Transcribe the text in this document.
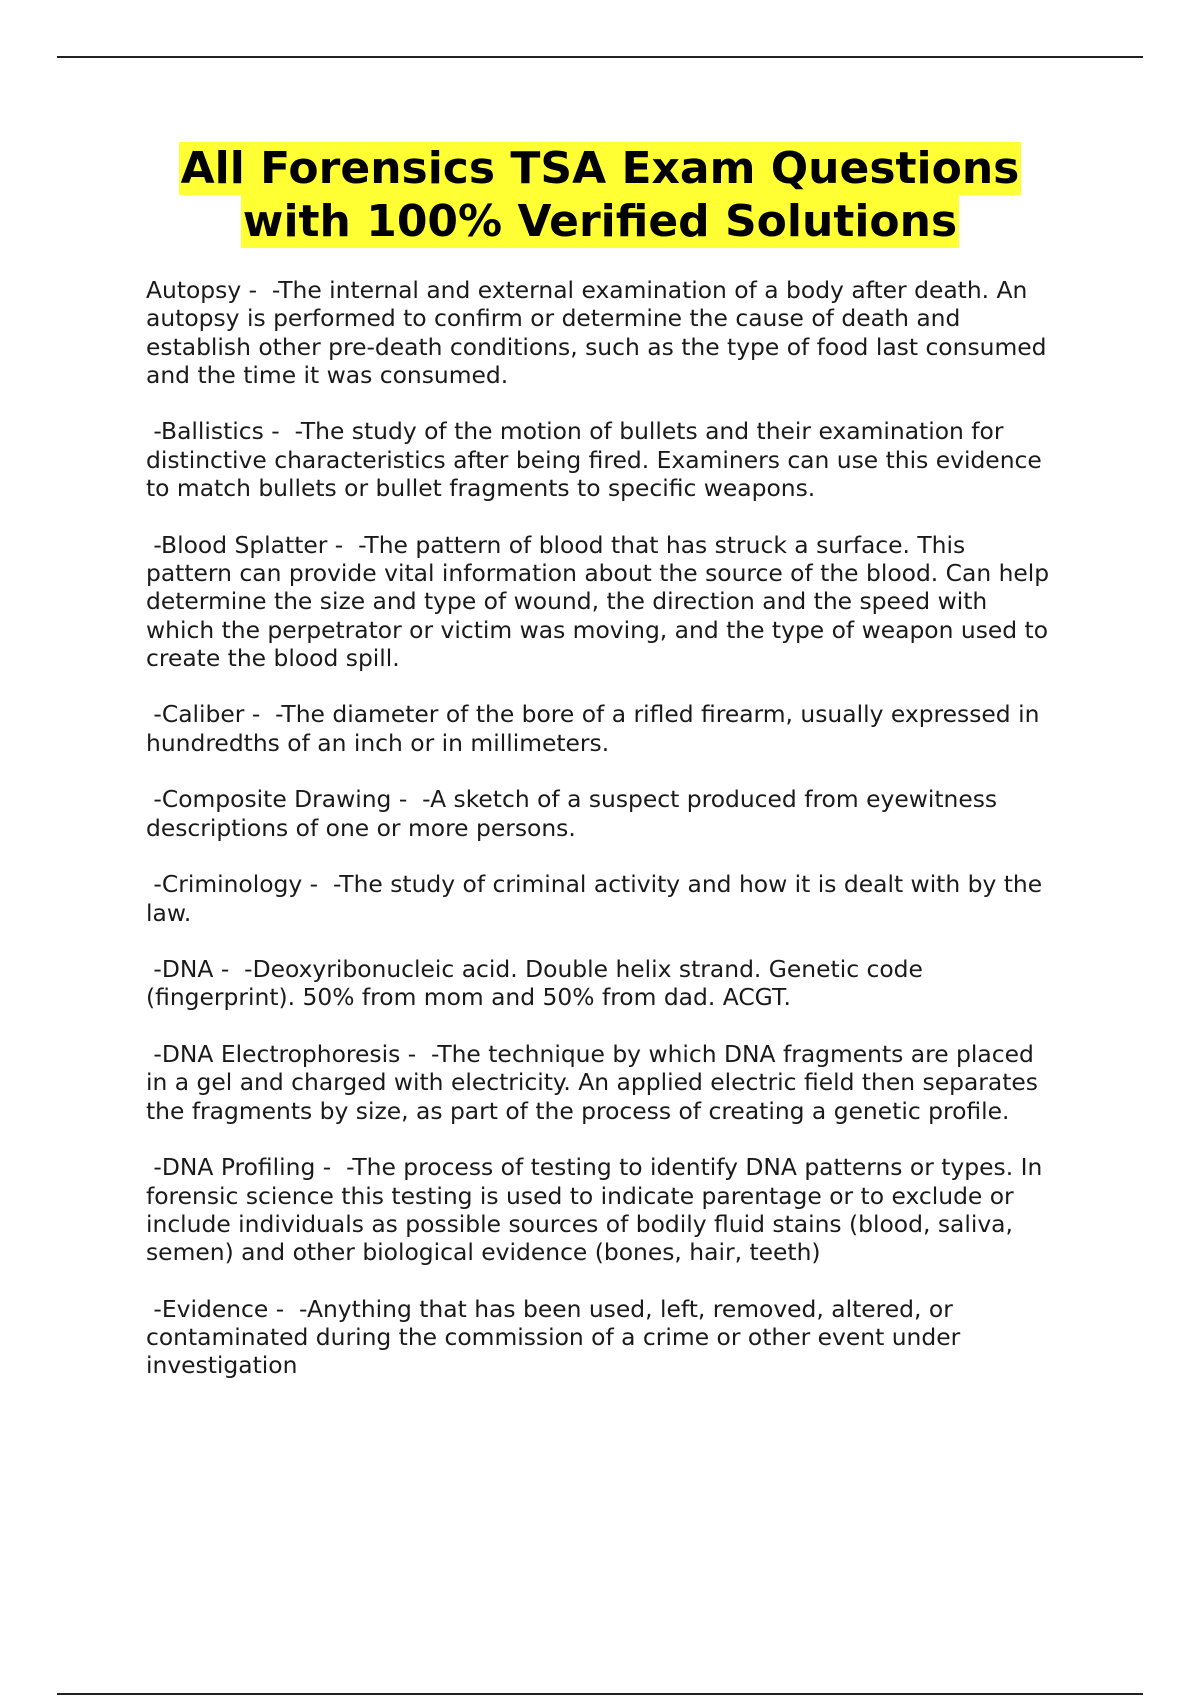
All Forensics TSA Exam Questions
with 100% Verified Solutions
Autopsy -  -The internal and external examination of a body after death. An
autopsy is performed to confirm or determine the cause of death and
establish other pre-death conditions, such as the type of food last consumed
and the time it was consumed.
-Ballistics -  -The study of the motion of bullets and their examination for
distinctive characteristics after being fired. Examiners can use this evidence
to match bullets or bullet fragments to specific weapons.
-Blood Splatter -  -The pattern of blood that has struck a surface. This
pattern can provide vital information about the source of the blood. Can help
determine the size and type of wound, the direction and the speed with
which the perpetrator or victim was moving, and the type of weapon used to
create the blood spill.
-Caliber -  -The diameter of the bore of a rifled firearm, usually expressed in
hundredths of an inch or in millimeters.
-Composite Drawing -  -A sketch of a suspect produced from eyewitness
descriptions of one or more persons.
-Criminology -  -The study of criminal activity and how it is dealt with by the
law.
-DNA -  -Deoxyribonucleic acid. Double helix strand. Genetic code
(fingerprint). 50% from mom and 50% from dad. ACGT.
-DNA Electrophoresis -  -The technique by which DNA fragments are placed
in a gel and charged with electricity. An applied electric field then separates
the fragments by size, as part of the process of creating a genetic profile.
-DNA Profiling -  -The process of testing to identify DNA patterns or types. In
forensic science this testing is used to indicate parentage or to exclude or
include individuals as possible sources of bodily fluid stains (blood, saliva,
semen) and other biological evidence (bones, hair, teeth)
-Evidence -  -Anything that has been used, left, removed, altered, or
contaminated during the commission of a crime or other event under
investigation
